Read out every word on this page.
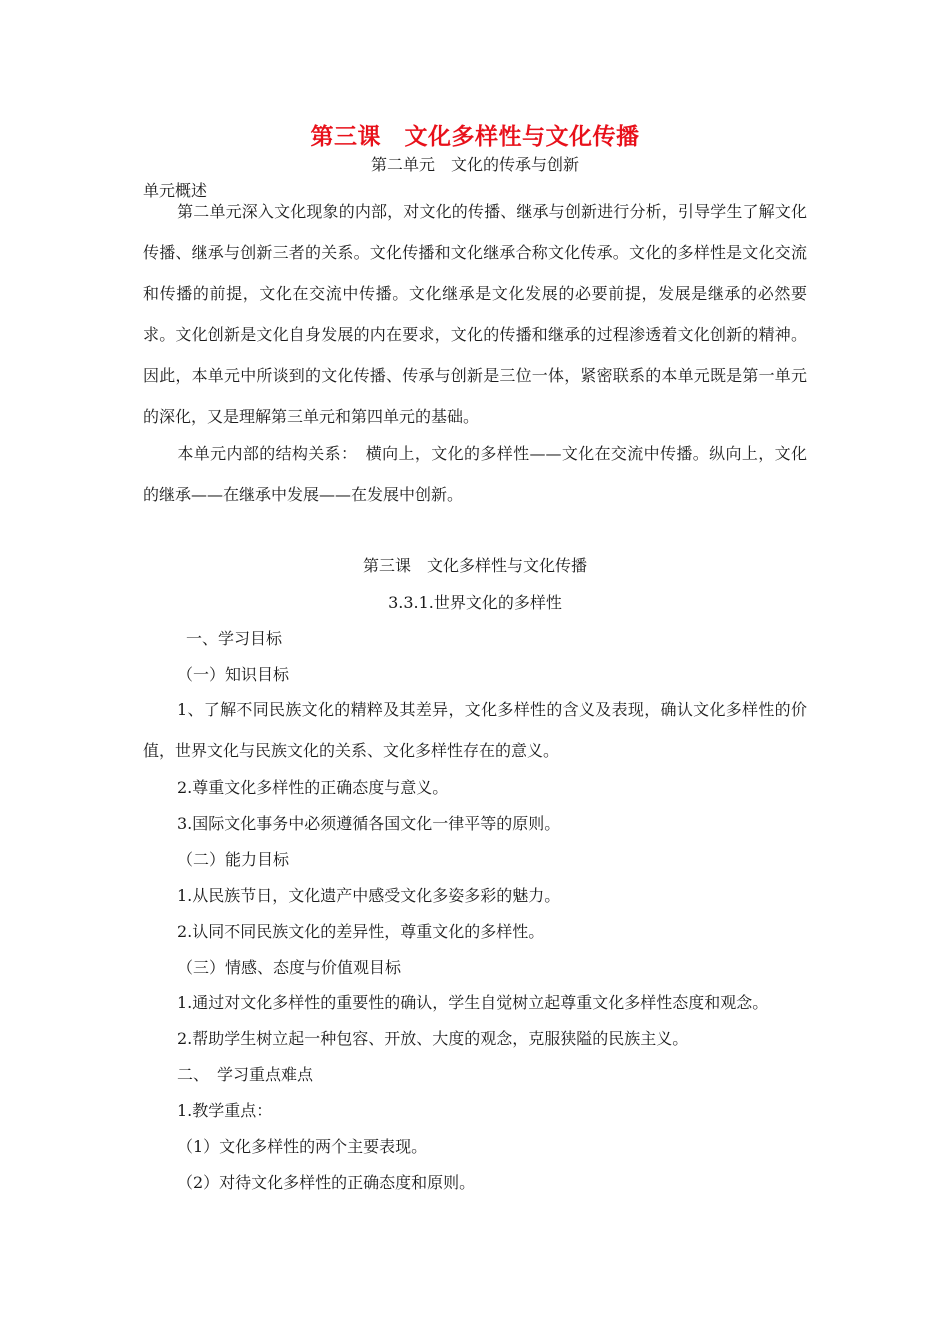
第三课　文化多样性与文化传播
第二单元　文化的传承与创新
单元概述

第二单元深入文化现象的内部，对文化的传播、继承与创新进行分析，引导学生了解文化传播、继承与创新三者的关系。文化传播和文化继承合称文化传承。文化的多样性是文化交流和传播的前提，文化在交流中传播。文化继承是文化发展的必要前提，发展是继承的必然要求。文化创新是文化自身发展的内在要求，文化的传播和继承的过程渗透着文化创新的精神。因此，本单元中所谈到的文化传播、传承与创新是三位一体，紧密联系的本单元既是第一单元的深化，又是理解第三单元和第四单元的基础。

本单元内部的结构关系：　横向上，文化的多样性——文化在交流中传播。纵向上，文化的继承——在继承中发展——在发展中创新。

第三课　文化多样性与文化传播
3.3.1.世界文化的多样性
一、学习目标
（一）知识目标

1、了解不同民族文化的精粹及其差异，文化多样性的含义及表现，确认文化多样性的价值，世界文化与民族文化的关系、文化多样性存在的意义。

2.尊重文化多样性的正确态度与意义。
3.国际文化事务中必须遵循各国文化一律平等的原则。
（二）能力目标
1.从民族节日，文化遗产中感受文化多姿多彩的魅力。
2.认同不同民族文化的差异性，尊重文化的多样性。
（三）情感、态度与价值观目标
1.通过对文化多样性的重要性的确认，学生自觉树立起尊重文化多样性态度和观念。
2.帮助学生树立起一种包容、开放、大度的观念，克服狭隘的民族主义。
二、　学习重点难点
1.教学重点：
（1）文化多样性的两个主要表现。
（2）对待文化多样性的正确态度和原则。
